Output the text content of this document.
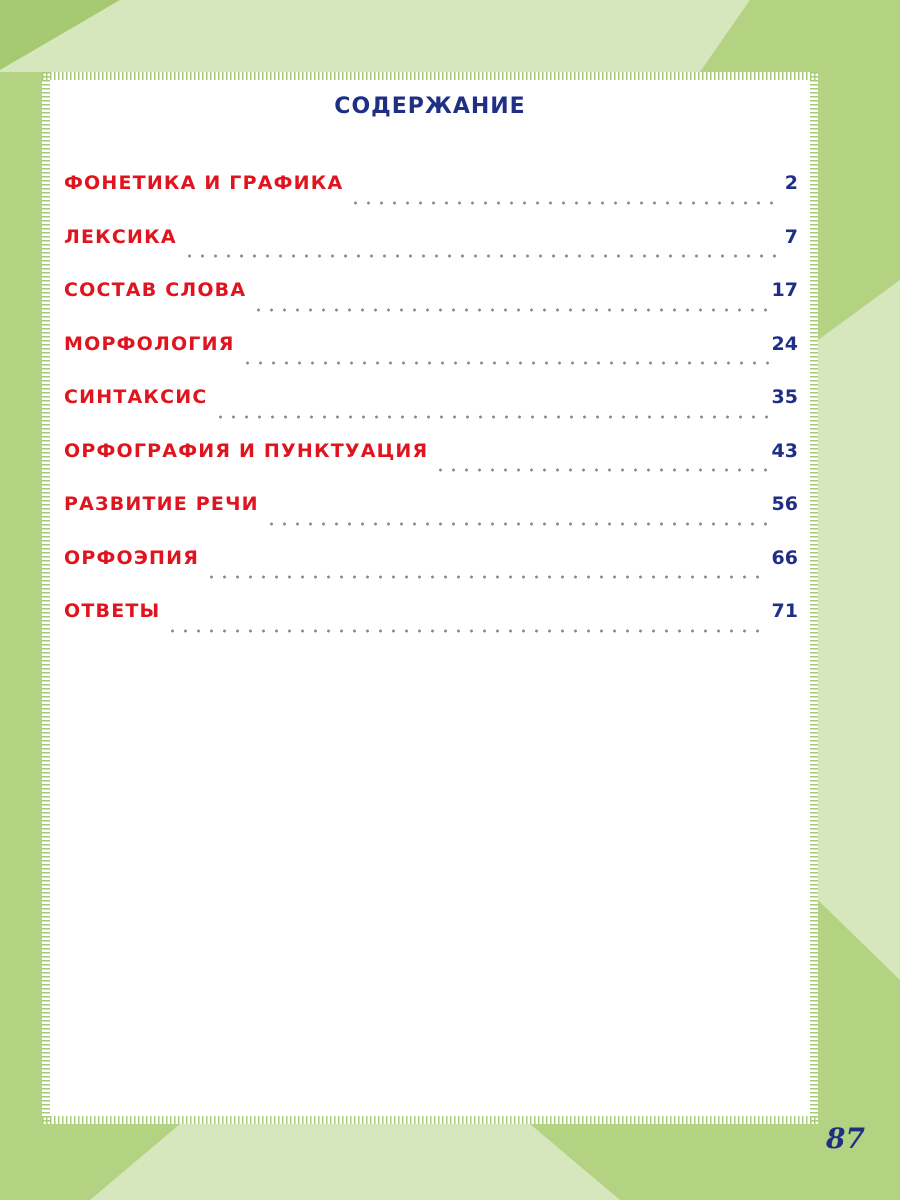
СОДЕРЖАНИЕ
ФОНЕТИКА И ГРАФИКА	2
ЛЕКСИКА	7
СОСТАВ СЛОВА	17
МОРФОЛОГИЯ	24
СИНТАКСИС	35
ОРФОГРАФИЯ И ПУНКТУАЦИЯ	43
РАЗВИТИЕ РЕЧИ	56
ОРФОЭПИЯ	66
ОТВЕТЫ	71
87
